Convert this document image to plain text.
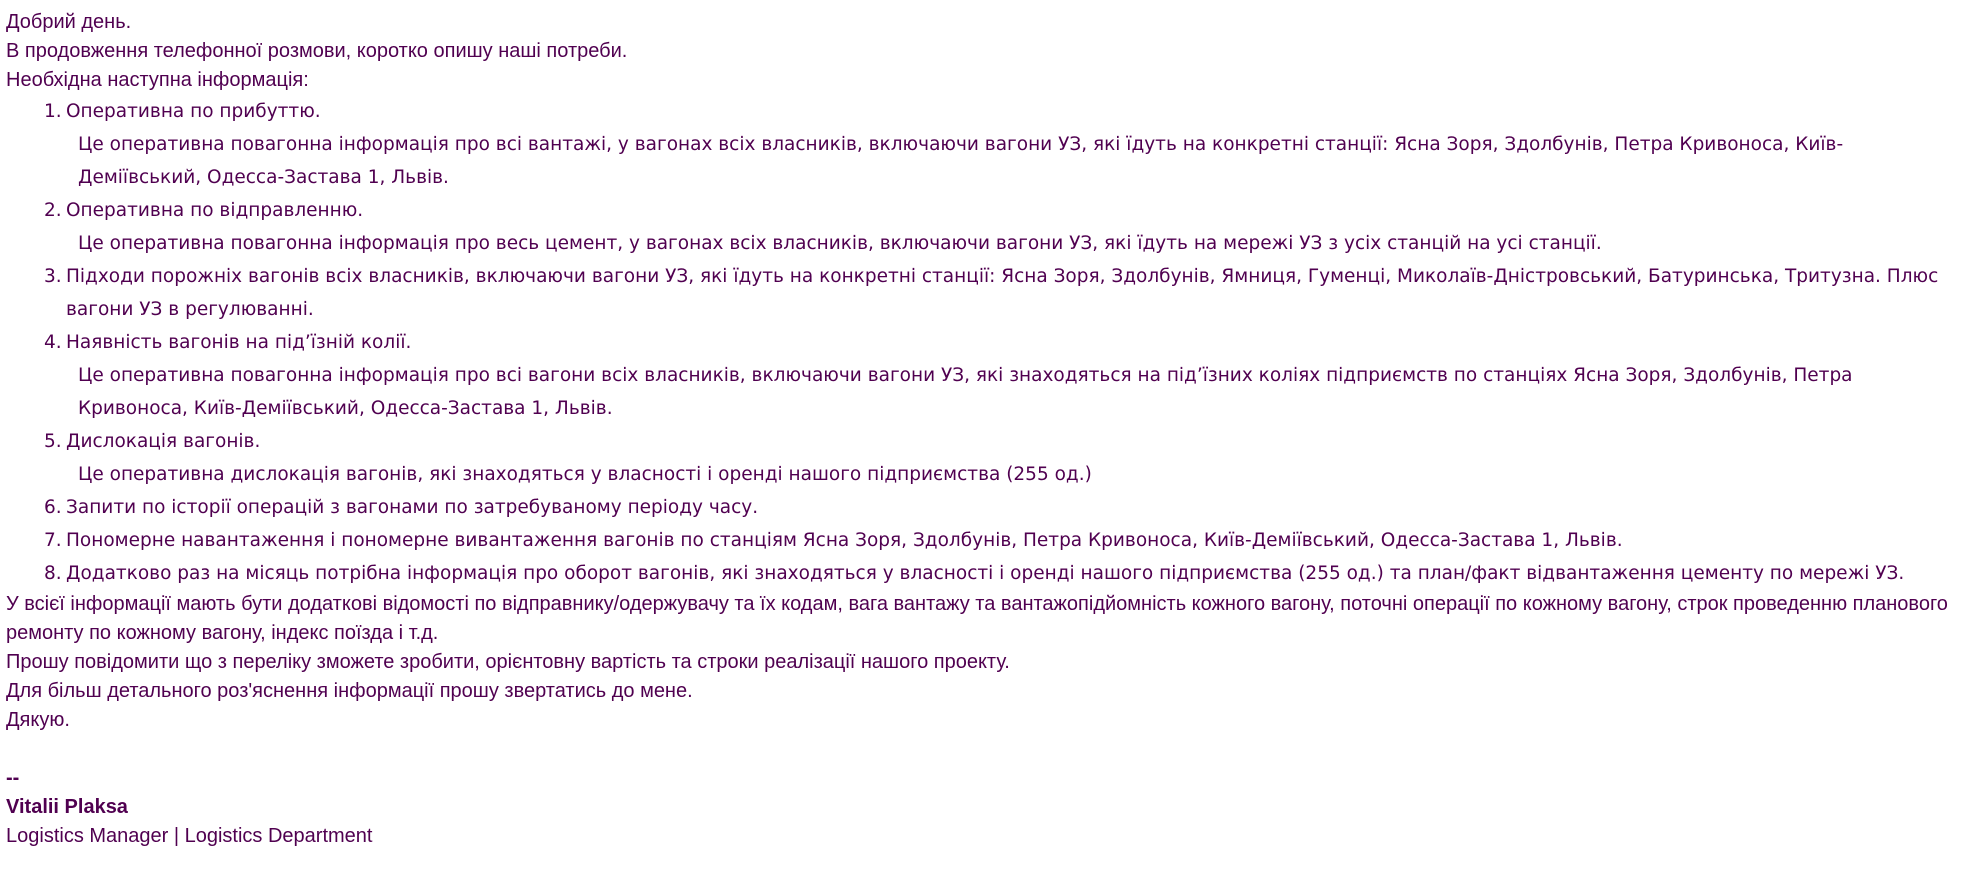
Добрий день.
В продовження телефонної розмови, коротко опишу наші потреби.
Необхідна наступна інформація:
1. Оперативна по прибуттю.
Це оперативна повагонна інформація про всі вантажі, у вагонах всіх власників, включаючи вагони УЗ, які їдуть на конкретні станції: Ясна Зоря, Здолбунів, Петра Кривоноса, Київ-Деміївський, Одесса-Застава 1, Львів.
2. Оперативна по відправленню.
Це оперативна повагонна інформація про весь цемент, у вагонах всіх власників, включаючи вагони УЗ, які їдуть на мережі УЗ з усіх станцій на усі станції.
3. Підходи порожніх вагонів всіх власників, включаючи вагони УЗ, які їдуть на конкретні станції: Ясна Зоря, Здолбунів, Ямниця, Гуменці, Миколаїв-Дністровський, Батуринська, Тритузна. Плюс вагони УЗ в регулюванні.
4. Наявність вагонів на під’їзній колії.
Це оперативна повагонна інформація про всі вагони всіх власників, включаючи вагони УЗ, які знаходяться на під’їзних коліях підприємств по станціях Ясна Зоря, Здолбунів, Петра Кривоноса, Київ-Деміївський, Одесса-Застава 1, Львів.
5. Дислокація вагонів.
Це оперативна дислокація вагонів, які знаходяться у власності і оренді нашого підприємства (255 од.)
6. Запити по історії операцій з вагонами по затребуваному періоду часу.
7. Пономерне навантаження і пономерне вивантаження вагонів по станціям Ясна Зоря, Здолбунів, Петра Кривоноса, Київ-Деміївський, Одесса-Застава 1, Львів.
8. Додатково раз на місяць потрібна інформація про оборот вагонів, які знаходяться у власності і оренді нашого підприємства (255 од.) та план/факт відвантаження цементу по мережі УЗ.
У всієї інформації мають бути додаткові відомості по відправнику/одержувачу та їх кодам, вага вантажу та вантажопідйомність кожного вагону, поточні операції по кожному вагону, строк проведенню планового ремонту по кожному вагону, індекс поїзда і т.д.
Прошу повідомити що з переліку зможете зробити, орієнтовну вартість та строки реалізації нашого проекту.
Для більш детального роз'яснення інформації прошу звертатись до мене.
Дякую.
--
Vitalii Plaksa
Logistics Manager | Logistics Department
